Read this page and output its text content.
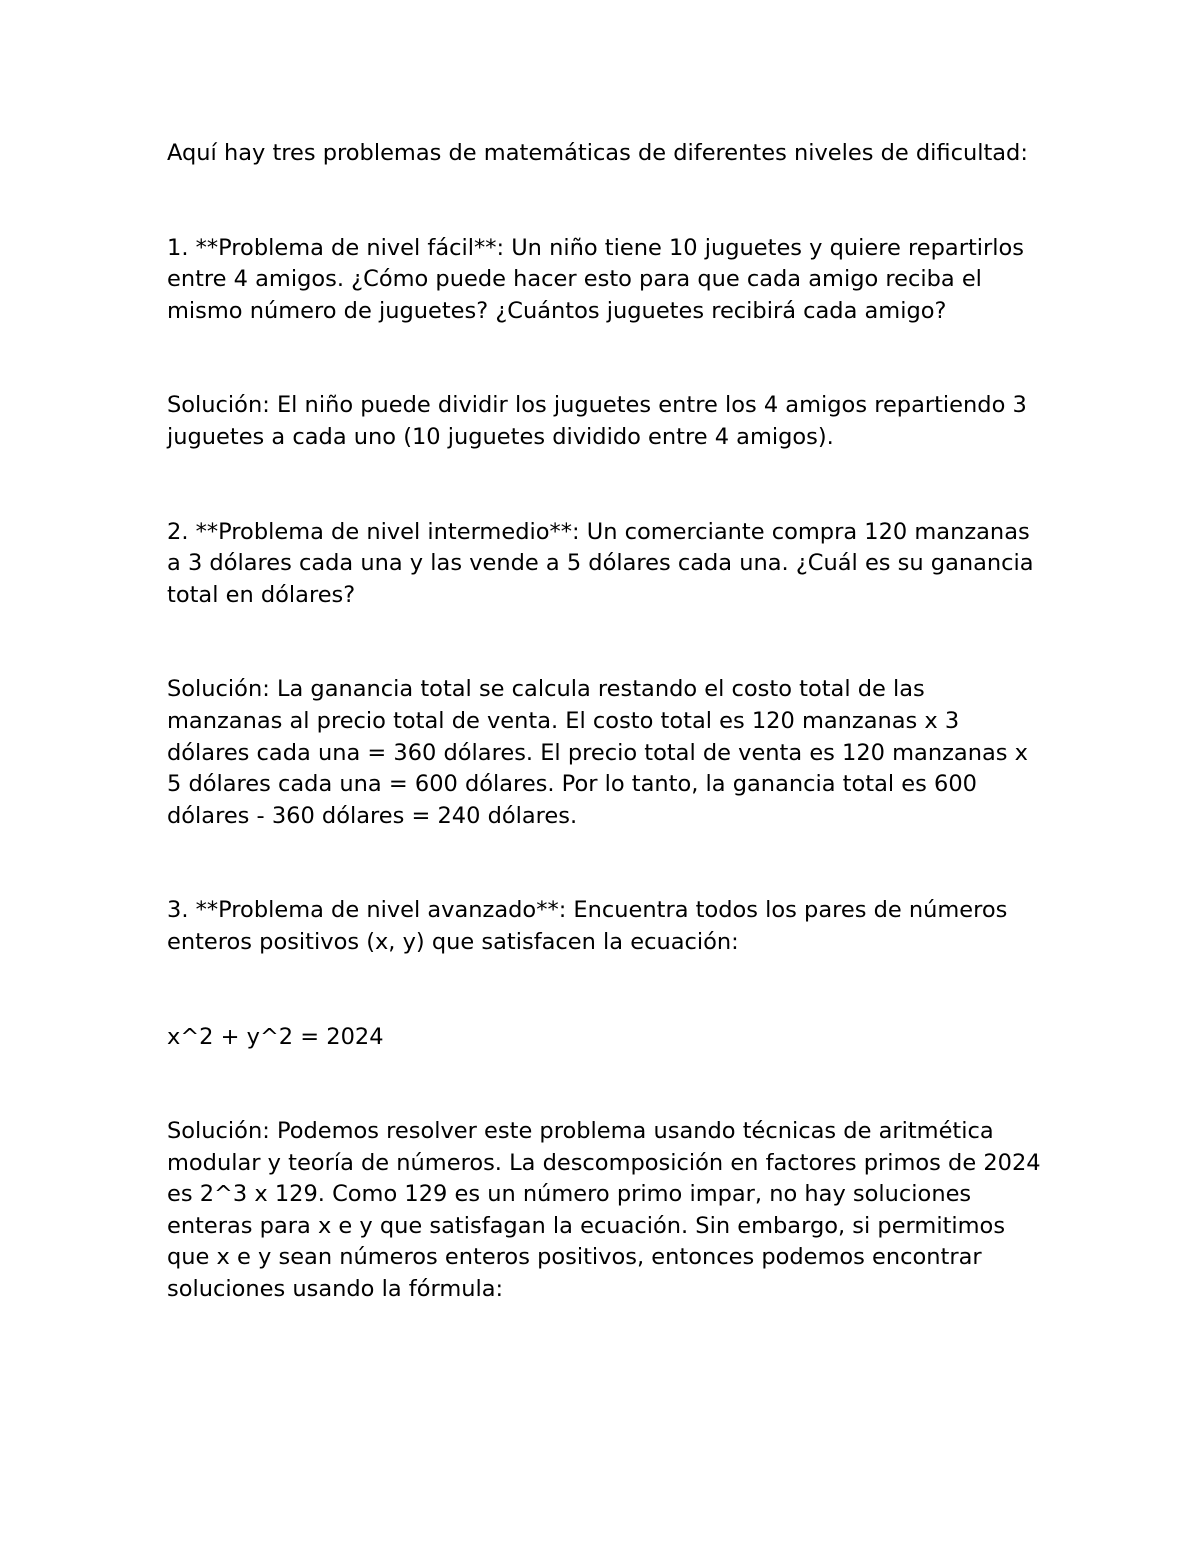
Aquí hay tres problemas de matemáticas de diferentes niveles de dificultad:

1. **Problema de nivel fácil**: Un niño tiene 10 juguetes y quiere repartirlos entre 4 amigos. ¿Cómo puede hacer esto para que cada amigo reciba el mismo número de juguetes? ¿Cuántos juguetes recibirá cada amigo?

Solución: El niño puede dividir los juguetes entre los 4 amigos repartiendo 3 juguetes a cada uno (10 juguetes dividido entre 4 amigos).

2. **Problema de nivel intermedio**: Un comerciante compra 120 manzanas a 3 dólares cada una y las vende a 5 dólares cada una. ¿Cuál es su ganancia total en dólares?

Solución: La ganancia total se calcula restando el costo total de las manzanas al precio total de venta. El costo total es 120 manzanas x 3 dólares cada una = 360 dólares. El precio total de venta es 120 manzanas x 5 dólares cada una = 600 dólares. Por lo tanto, la ganancia total es 600 dólares - 360 dólares = 240 dólares.

3. **Problema de nivel avanzado**: Encuentra todos los pares de números enteros positivos (x, y) que satisfacen la ecuación:

x^2 + y^2 = 2024

Solución: Podemos resolver este problema usando técnicas de aritmética modular y teoría de números. La descomposición en factores primos de 2024 es 2^3 x 129. Como 129 es un número primo impar, no hay soluciones enteras para x e y que satisfagan la ecuación. Sin embargo, si permitimos que x e y sean números enteros positivos, entonces podemos encontrar soluciones usando la fórmula:
